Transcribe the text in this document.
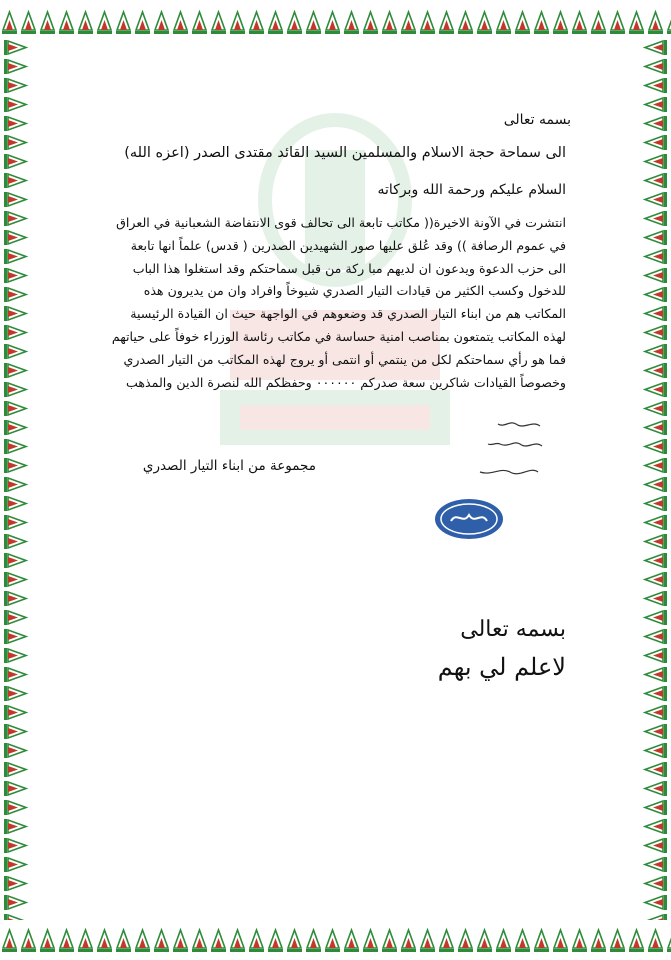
بسمه تعالى
الى سماحة حجة الاسلام والمسلمين السيد القائد مقتدى الصدر (اعزه الله)
السلام عليكم ورحمة الله وبركاته
انتشرت في الآونة الاخيرة(( مكاتب تابعة الى تحالف قوى الانتفاضة الشعبانية في العراق
في عموم الرصافة )) وقد عُلق عليها صور الشهيدين الصدرين ( قدس) علماً انها تابعة
الى حزب الدعوة ويدعون ان لديهم مبا ركة من قبل سماحتكم وقد استغلوا هذا الباب
للدخول وكسب الكثير من قيادات التيار الصدري شيوخاً وافراد وان من يديرون هذه
المكاتب هم من ابناء التيار الصدري قد وضعوهم في الواجهة حيث ان القيادة الرئيسية
لهذه المكاتب يتمتعون بمناصب امنية حساسة في مكاتب رئاسة الوزراء خوفاً على حياتهم
فما هو رأي سماحتكم لكل من ينتمي أو انتمى أو يروج لهذه المكاتب من التيار الصدري
وخصوصاً القيادات شاكرين سعة صدركم ٠٠٠٠٠٠ وحفظكم الله لنصرة الدين والمذهب
مجموعة من ابناء التيار الصدري
بسمه تعالى
لاعلم لي بهم
